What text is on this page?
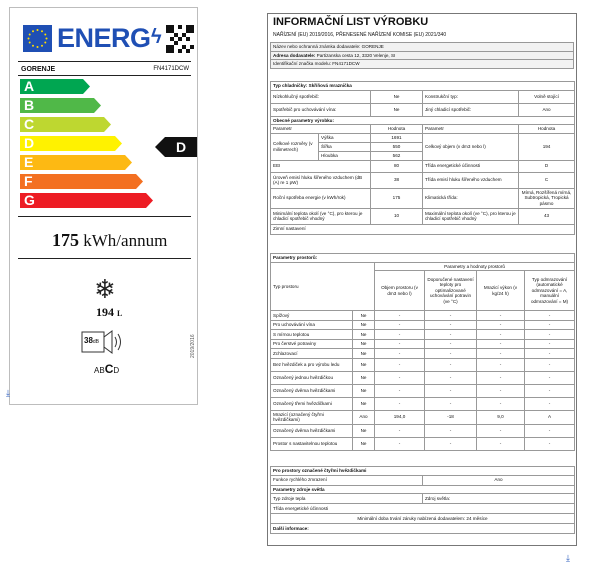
ENERG ϟ
GORENJE	FN4171DCW
A
B
C
D
E
F
G
D
175 kWh/annum
❄
194 L
38dB
ABCD
2019/2016
⤓
⤓
INFORMAČNÍ LIST VÝROBKU
NAŘÍZENÍ (EU) 2019/2016, PŘENESENÉ NAŘÍZENÍ KOMISE (EU) 2021/340
Název nebo ochranná známka dodavatele: GORENJE
Adresa dodavatele: Partizanska cesta 12, 3320 Velenje, SI
Identifikační značka modelu: FN4171DCW
Typ chladničky: Skříňová mraznička				
Nízkohlučný spotřebič:		Ne	Konstrukční typ:	Volně stojící
Spotřebič pro uchovávání vína:		Ne	Jiný chladicí spotřebič:	Ano
Obecné parametry výrobku:				
Parametr		Hodnota	Parametr	Hodnota
Celkové rozměry (v milimetrech)	Výška	1691	Celkový objem (v dm3 nebo l)	194
	Šířka	550		
	Hloubka	562		
EEI		80	Třída energetické účinnosti	D
Úroveň emisí hluku šířeného vzduchem (dB (A) re 1 pW)		38	Třída emisí hluku šířeného vzduchem	C
Roční spotřeba energie (v kWh/rok)		175	Klimatická třída:	Mírná, Rozšířená mírná, Subtropická, Tropická pásmo
Minimální teplota okolí (ve °C), pro kterou je chladicí spotřebič vhodný		10	Maximální teplota okolí (ve °C), pro kterou je chladicí spotřebič vhodný	43
Zimní nastavení				
Parametry prostorů:					
Typ prostoru		Parametry a hodnoty prostorů			
		Objem prostoru (v dm3 nebo l)	Doporučené nastavení teploty pro optimalizované uchovávání potravin (ve °C)	Mrazicí výkon (v kg/24 h)	Typ odmrazování (automatické odmrazování = A, manuální odmrazování = M)
Spížový	Ne	-	-	-	-
Pro uchovávání vína	Ne	-	-	-	-
S mírnou teplotou	Ne	-	-	-	-
Pro čerstvé potraviny	Ne	-	-	-	-
Zchlazovací	Ne	-	-	-	-
Bez hvězdiček a pro výrobu ledu	Ne	-	-	-	-
Označený jednou hvězdičkou	Ne	-	-	-	-
Označený dvěma hvězdičkami	Ne	-	-	-	-
Označený třemi hvězdičkami	Ne	-	-	-	-
Mrazicí (označený čtyřmi hvězdičkami)	Ano	194,0	-18	9,0	A
Označený dvěma hvězdičkami	Ne	-	-	-	-
Prostor s nastavitelnou teplotou	Ne	-	-	-	-
Pro prostory označené čtyřmi hvězdičkami	
Funkce rychlého zmrazení	Ano
Parametry zdroje světla	
Typ zdroje tepla	Zdroj světla:
Třída energetické účinnosti	
Minimální doba trvání záruky nabízená dodavatelem: 24 měsíce	
Další informace:	
